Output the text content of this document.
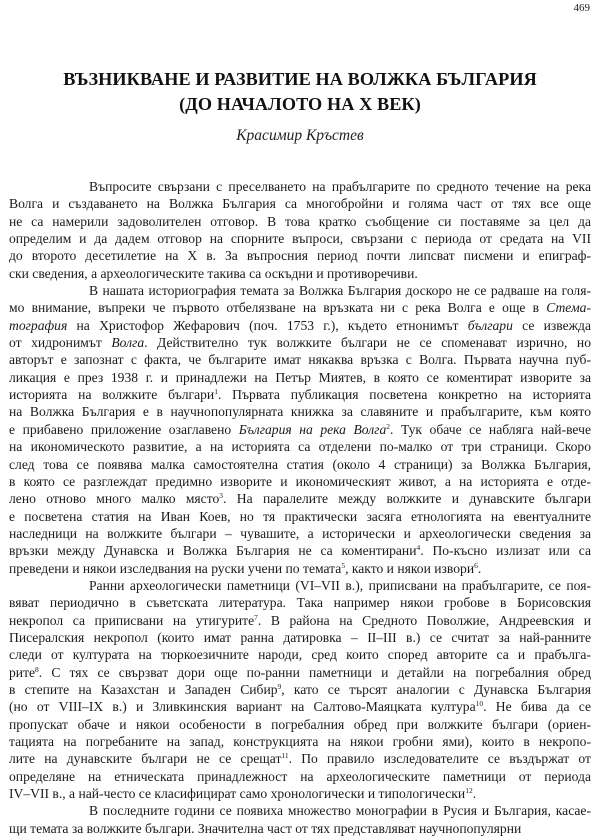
469
ВЪЗНИКВАНЕ И РАЗВИТИЕ НА ВОЛЖКА БЪЛГАРИЯ
(ДО НАЧАЛОТО НА X ВЕК)
Красимир Кръстев
Въпросите свързани с преселването на прабългарите по средното течение на река
Волга и създаването на Волжка България са многобройни и голяма част от тях все още
не са намерили задоволителен отговор. В това кратко съобщение си поставяме за цел да
определим и да дадем отговор на спорните въпроси, свързани с периода от средата на VII
до второто десетилетие на X в. За въпросния период почти липсват писмени и епиграф-
ски сведения, а археологическите такива са оскъдни и противоречиви.
В нашата историография темата за Волжка България доскоро не се радваше на голя-
мо внимание, въпреки че първото отбелязване на връзката ни с река Волга е още в Стема-
тография на Христофор Жефарович (поч. 1753 г.), където етнонимът българи се извежда
от хидронимът Волга. Действително тук волжките българи не се споменават изрично, но
авторът е запознат с факта, че българите имат някаква връзка с Волга. Първата научна пуб-
ликация е през 1938 г. и принадлежи на Петър Миятев, в която се коментират изворите за
историята на волжките българи$^1$. Първата публикация посветена конкретно на историята
на Волжка България е в научнопопулярната книжка за славяните и прабългарите, към която
е прибавено приложение озаглавено България на река Волга$^2$. Тук обаче се набляга най-вече
на икономическото развитие, а на историята са отделени по-малко от три страници. Скоро
след това се появява малка самостоятелна статия (около 4 страници) за Волжка България,
в която се разглеждат предимно изворите и икономическият живот, а на историята е отде-
лено отново много малко място$^3$. На паралелите между волжките и дунавските българи
е посветена статия на Иван Коев, но тя практически засяга етнологията на евентуалните
наследници на волжките българи – чувашите, а исторически и археологически сведения за
връзки между Дунавска и Волжка България не са коментирани$^4$. По-късно излизат или са
преведени и някои изследвания на руски учени по темата$^5$, както и някои извори$^6$.
Ранни археологически паметници (VI–VII в.), приписвани на прабългарите, се поя-
вяват периодично в съветската литература. Така например някои гробове в Борисовския
некропол са приписвани на утигурите$^7$. В района на Средното Поволжие, Андреевския и
Писералския некропол (които имат ранна датировка – II–III в.) се считат за най-ранните
следи от културата на тюркоезичните народи, сред които според авторите са и прабълга-
рите$^8$. С тях се свързват дори още по-ранни паметници и детайли на погребалния обред
в степите на Казахстан и Западен Сибир$^9$, като се търсят аналогии с Дунавска България
(но от VIII–IX в.) и Зливкинския вариант на Салтово-Маяцката култура$^{10}$. Не бива да се
пропускат обаче и някои особености в погребалния обред при волжките българи (ориен-
тацията на погребаните на запад, конструкцията на някои гробни ями), които в некропо-
лите на дунавските българи не се срещат$^{11}$. По правило изследователите се въздържат от
определяне на етническата принадлежност на археологическите паметници от периода
IV–VII в., а най-често се класифицират само хронологически и типологически$^{12}$.
В последните години се появиха множество монографии в Русия и България, касае-
щи темата за волжките българи. Значителна част от тях представляват научнопопулярни
